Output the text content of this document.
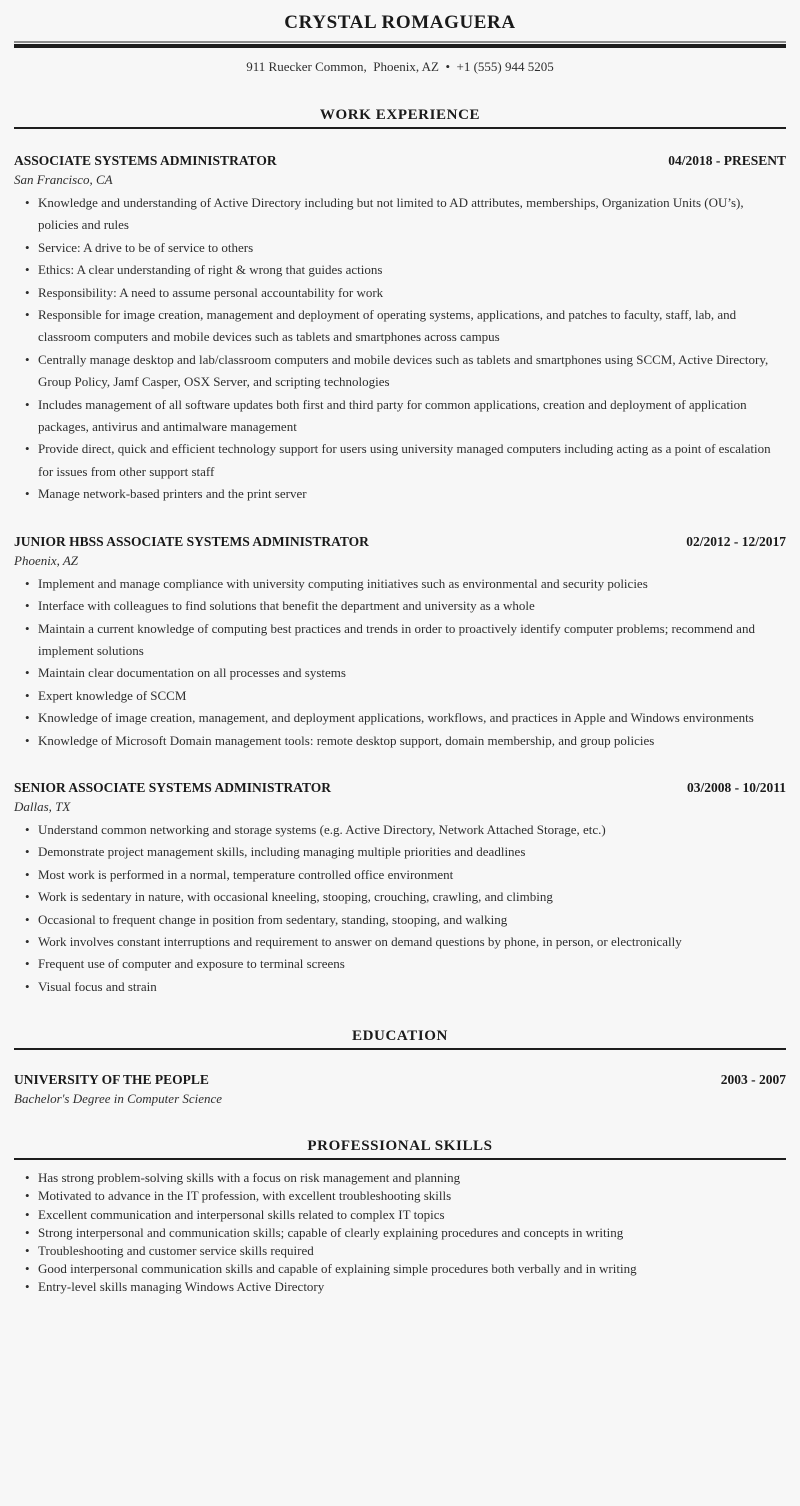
CRYSTAL ROMAGUERA
911 Ruecker Common,  Phoenix, AZ  •  +1 (555) 944 5205
WORK EXPERIENCE
ASSOCIATE SYSTEMS ADMINISTRATOR	04/2018 - PRESENT
San Francisco, CA
• Knowledge and understanding of Active Directory including but not limited to AD attributes, memberships, Organization Units (OU’s), policies and rules
• Service: A drive to be of service to others
• Ethics: A clear understanding of right & wrong that guides actions
• Responsibility: A need to assume personal accountability for work
• Responsible for image creation, management and deployment of operating systems, applications, and patches to faculty, staff, lab, and classroom computers and mobile devices such as tablets and smartphones across campus
• Centrally manage desktop and lab/classroom computers and mobile devices such as tablets and smartphones using SCCM, Active Directory, Group Policy, Jamf Casper, OSX Server, and scripting technologies
• Includes management of all software updates both first and third party for common applications, creation and deployment of application packages, antivirus and antimalware management
• Provide direct, quick and efficient technology support for users using university managed computers including acting as a point of escalation for issues from other support staff
• Manage network-based printers and the print server
JUNIOR HBSS ASSOCIATE SYSTEMS ADMINISTRATOR	02/2012 - 12/2017
Phoenix, AZ
• Implement and manage compliance with university computing initiatives such as environmental and security policies
• Interface with colleagues to find solutions that benefit the department and university as a whole
• Maintain a current knowledge of computing best practices and trends in order to proactively identify computer problems; recommend and implement solutions
• Maintain clear documentation on all processes and systems
• Expert knowledge of SCCM
• Knowledge of image creation, management, and deployment applications, workflows, and practices in Apple and Windows environments
• Knowledge of Microsoft Domain management tools: remote desktop support, domain membership, and group policies
SENIOR ASSOCIATE SYSTEMS ADMINISTRATOR	03/2008 - 10/2011
Dallas, TX
• Understand common networking and storage systems (e.g. Active Directory, Network Attached Storage, etc.)
• Demonstrate project management skills, including managing multiple priorities and deadlines
• Most work is performed in a normal, temperature controlled office environment
• Work is sedentary in nature, with occasional kneeling, stooping, crouching, crawling, and climbing
• Occasional to frequent change in position from sedentary, standing, stooping, and walking
• Work involves constant interruptions and requirement to answer on demand questions by phone, in person, or electronically
• Frequent use of computer and exposure to terminal screens
• Visual focus and strain
EDUCATION
UNIVERSITY OF THE PEOPLE	2003 - 2007
Bachelor's Degree in Computer Science
PROFESSIONAL SKILLS
• Has strong problem-solving skills with a focus on risk management and planning
• Motivated to advance in the IT profession, with excellent troubleshooting skills
• Excellent communication and interpersonal skills related to complex IT topics
• Strong interpersonal and communication skills; capable of clearly explaining procedures and concepts in writing
• Troubleshooting and customer service skills required
• Good interpersonal communication skills and capable of explaining simple procedures both verbally and in writing
• Entry-level skills managing Windows Active Directory
